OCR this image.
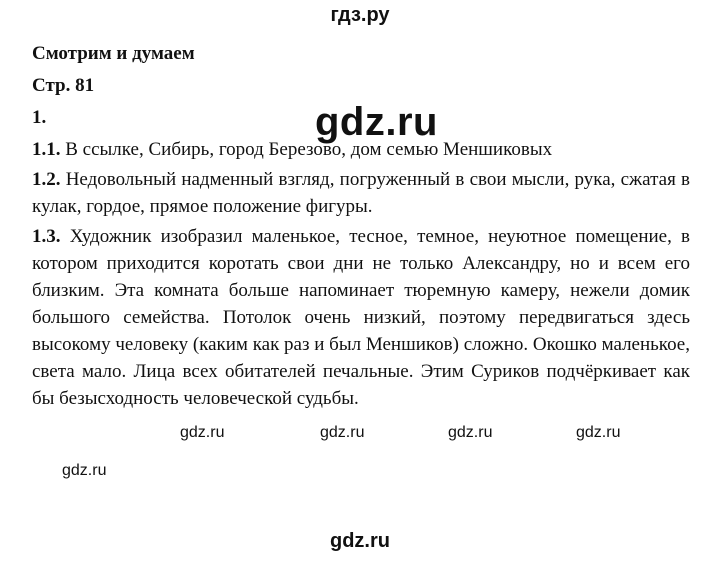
гдз.ру

Смотрим и думаем

Стр. 81

1.

1.1. В ссылке, Сибирь, город Березово, дом семью Меншиковых

1.2. Недовольный надменный взгляд, погруженный в свои мысли, рука, сжатая в кулак, гордое, прямое положение фигуры.

1.3. Художник изобразил маленькое, тесное, темное, неуютное помещение, в котором приходится коротать свои дни не только Александру, но и всем его близким. Эта комната больше напоминает тюремную камеру, нежели домик большого семейства. Потолок очень низкий, поэтому передвигаться здесь высокому человеку (каким как раз и был Меншиков) сложно. Окошко маленькое, света мало. Лица всех обитателей печальные. Этим Суриков подчёркивает как бы безысходность человеческой судьбы.

gdz.ru
gdz.ru	gdz.ru	gdz.ru	gdz.ru
gdz.ru
gdz.ru
